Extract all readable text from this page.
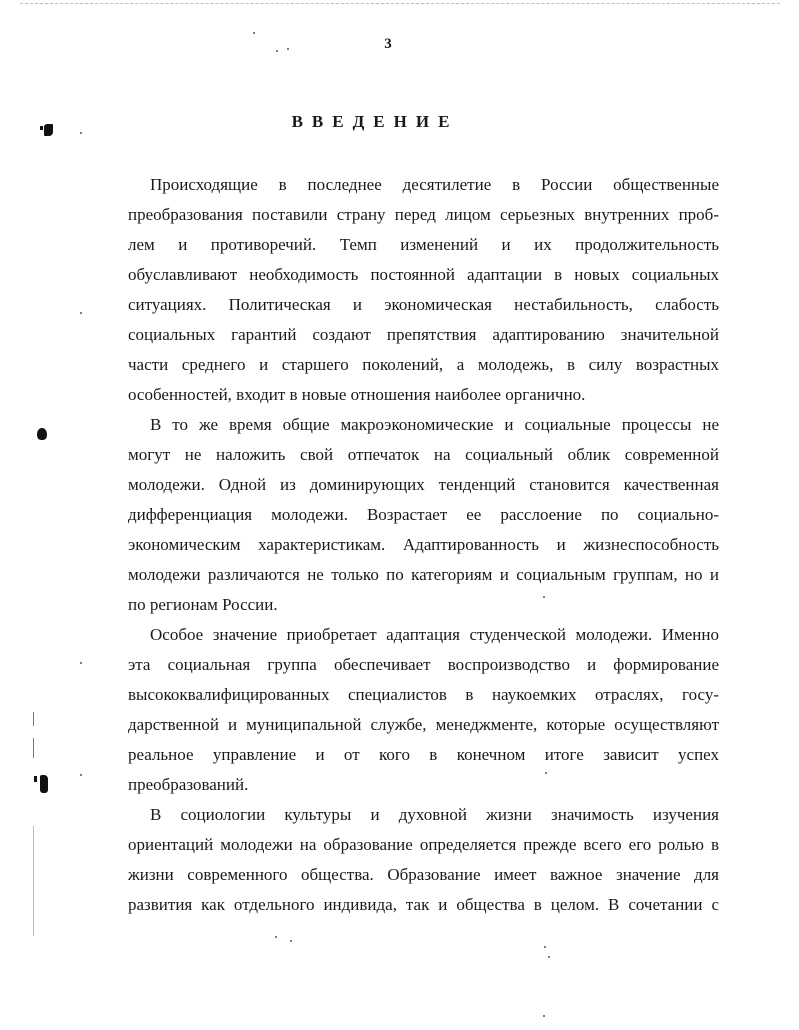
3
ВВЕДЕНИЕ
Происходящие в последнее десятилетие в России общественные
преобразования поставили страну перед лицом серьезных внутренних проб-
лем и противоречий. Темп изменений и их продолжительность
обуславливают необходимость постоянной адаптации в новых социальных
ситуациях. Политическая и экономическая нестабильность, слабость
социальных гарантий создают препятствия адаптированию значительной
части среднего и старшего поколений, а молодежь, в силу возрастных
особенностей, входит в новые отношения наиболее органично.
В то же время общие макроэкономические и социальные процессы не
могут не наложить свой отпечаток на социальный облик современной
молодежи. Одной из доминирующих тенденций становится качественная
дифференциация молодежи. Возрастает ее расслоение по социально-
экономическим характеристикам. Адаптированность и жизнеспособность
молодежи различаются не только по категориям и социальным группам, но и
по регионам России.
Особое значение приобретает адаптация студенческой молодежи. Именно
эта социальная группа обеспечивает воспроизводство и формирование
высококвалифицированных специалистов в наукоемких отраслях, госу-
дарственной и муниципальной службе, менеджменте, которые осуществляют
реальное управление и от кого в конечном итоге зависит успех
преобразований.
В социологии культуры и духовной жизни значимость изучения
ориентаций молодежи на образование определяется прежде всего его ролью в
жизни современного общества. Образование имеет важное значение для
развития как отдельного индивида, так и общества в целом. В сочетании с
